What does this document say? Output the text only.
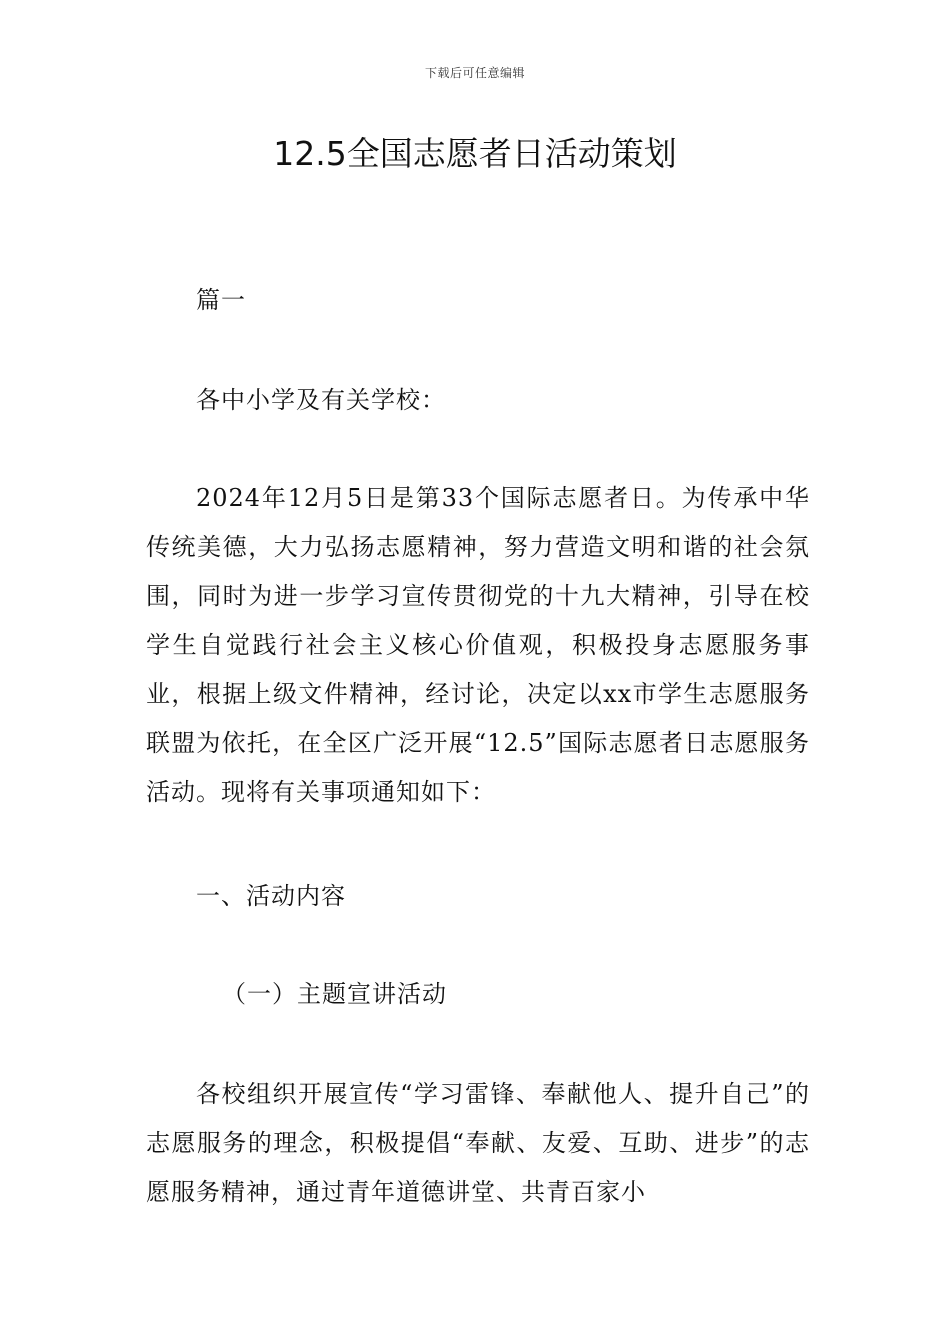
下载后可任意编辑
12.5全国志愿者日活动策划

篇一

各中小学及有关学校：

2024年12月5日是第33个国际志愿者日。为传承中华传统美德，大力弘扬志愿精神，努力营造文明和谐的社会氛围，同时为进一步学习宣传贯彻党的十九大精神，引导在校学生自觉践行社会主义核心价值观，积极投身志愿服务事业，根据上级文件精神，经讨论，决定以xx市学生志愿服务联盟为依托，在全区广泛开展“12.5”国际志愿者日志愿服务活动。现将有关事项通知如下：

一、活动内容

（一）主题宣讲活动

各校组织开展宣传“学习雷锋、奉献他人、提升自己”的志愿服务的理念，积极提倡“奉献、友爱、互助、进步”的志愿服务精神，通过青年道德讲堂、共青百家小
